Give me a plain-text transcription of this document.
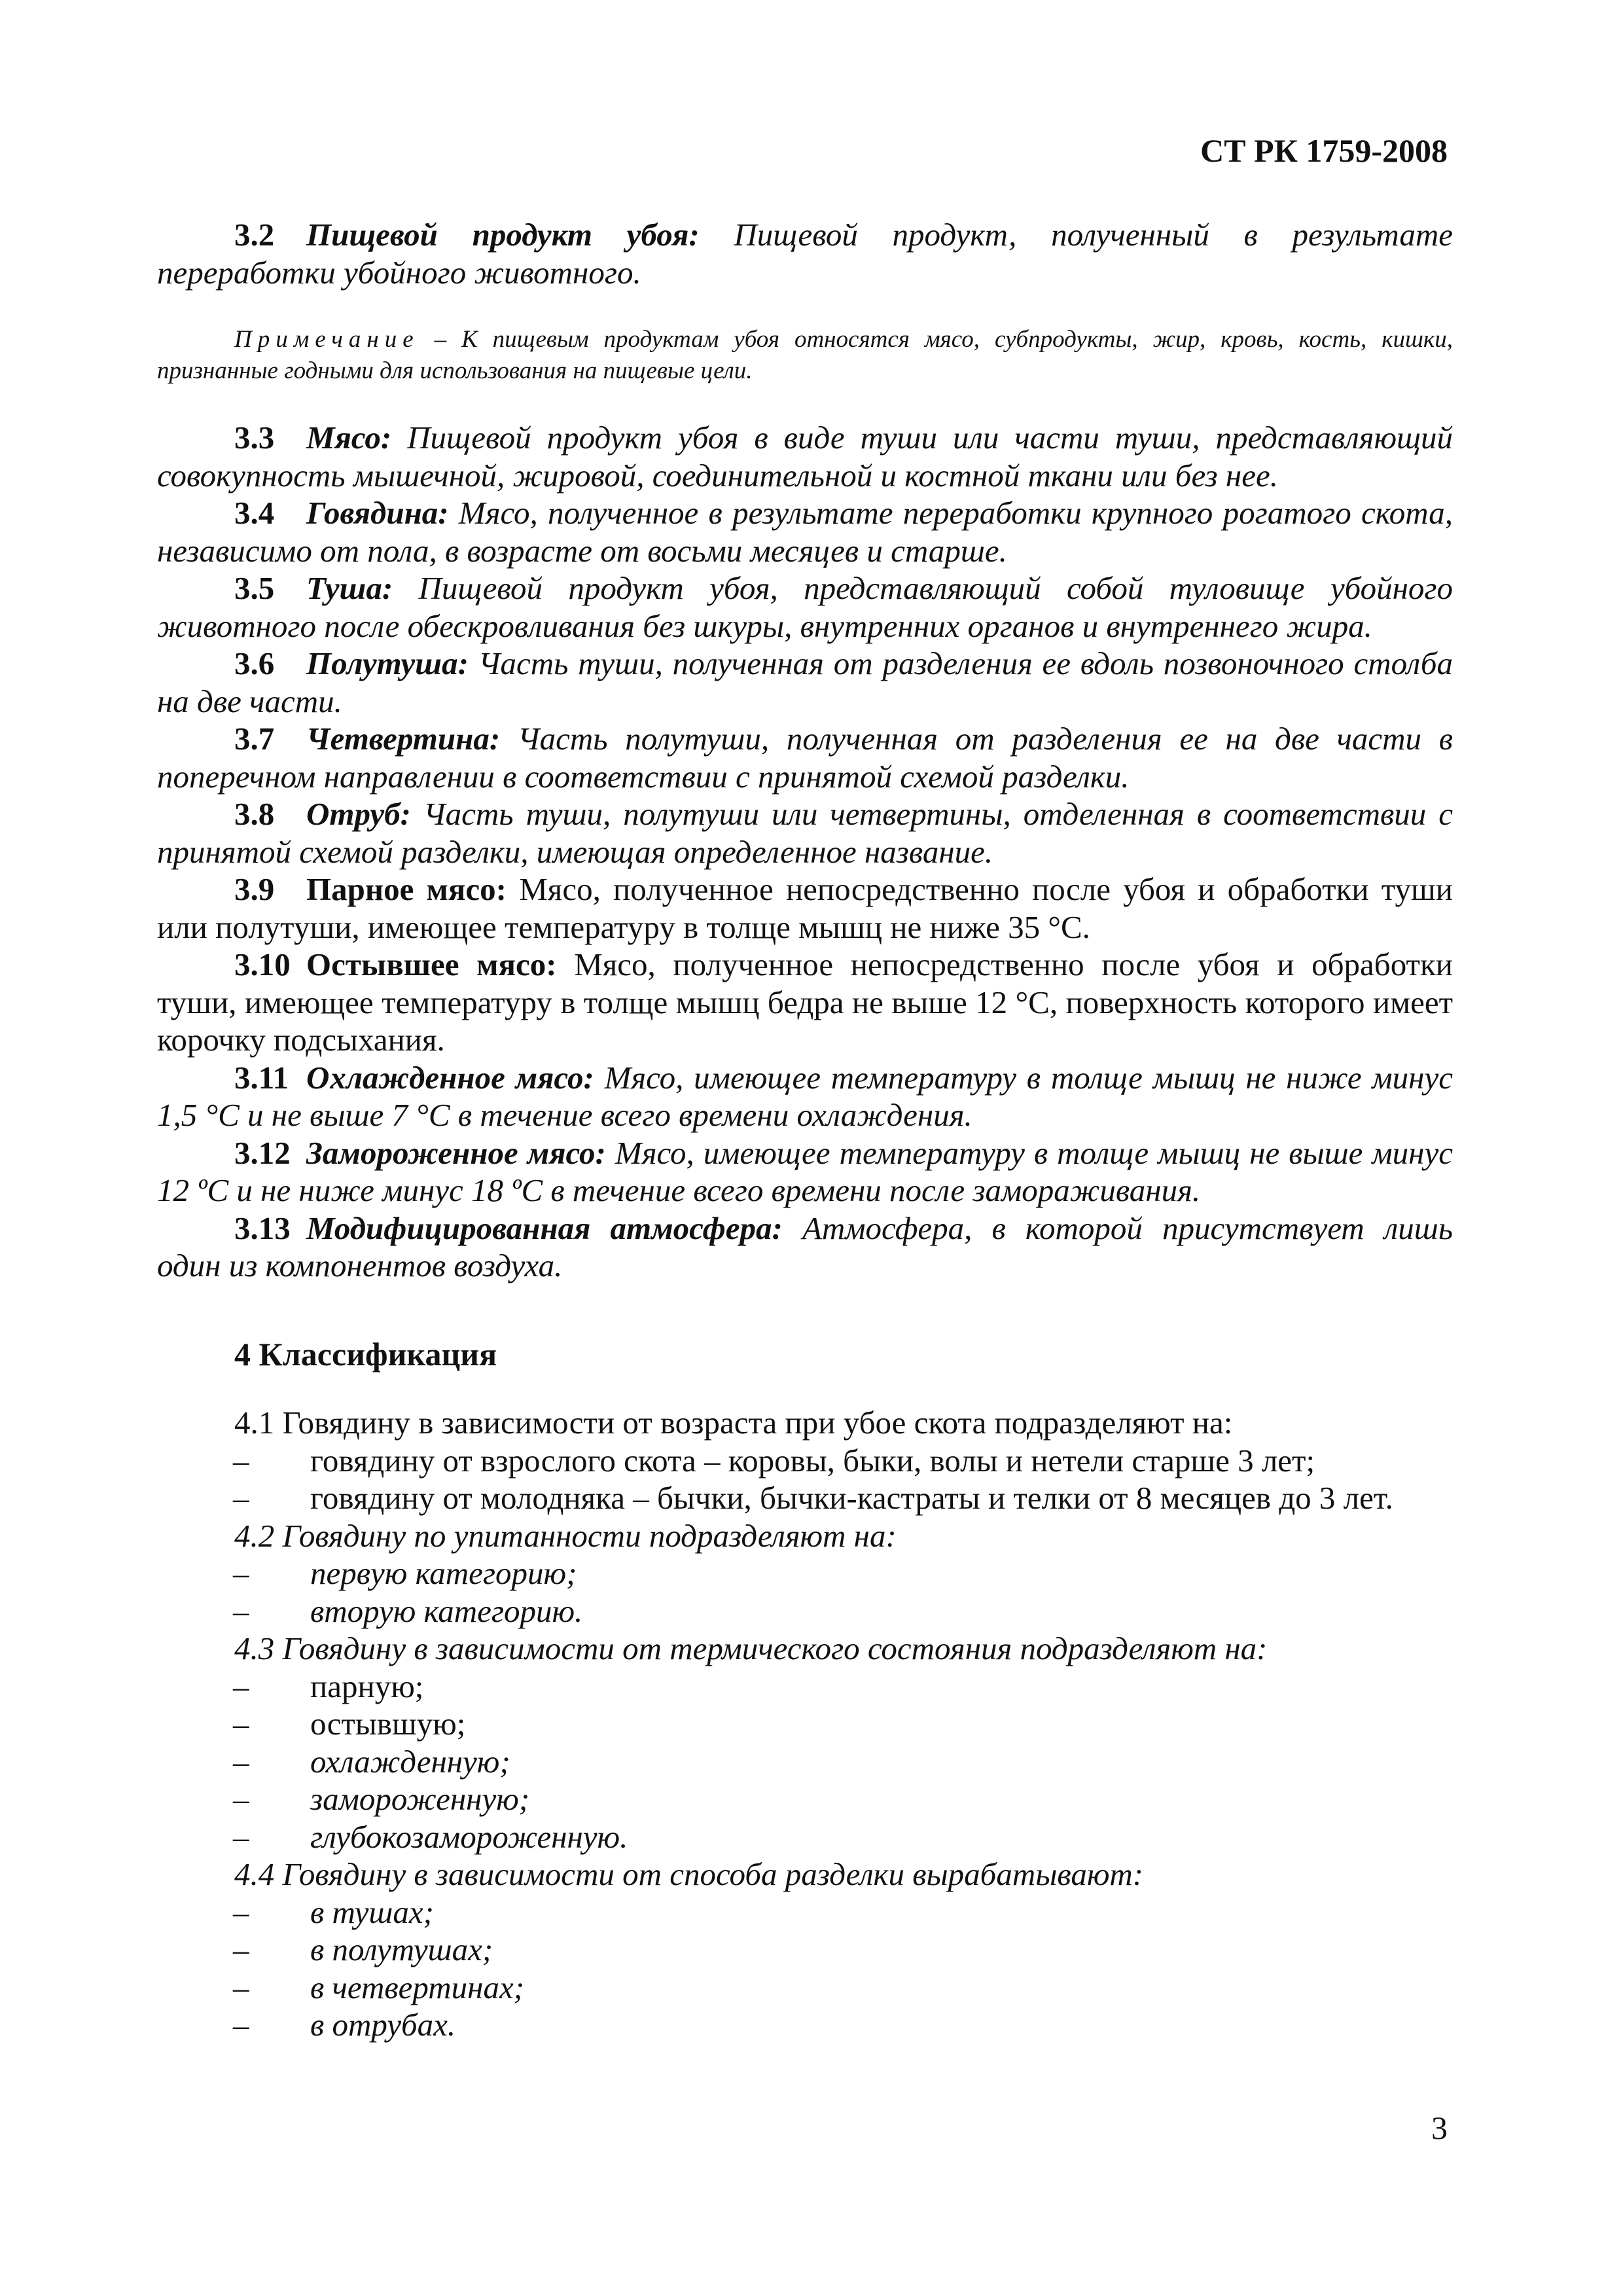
СТ РК 1759-2008

3.2 Пищевой продукт убоя: Пищевой продукт, полученный в результате переработки убойного животного.

Примечание – К пищевым продуктам убоя относятся мясо, субпродукты, жир, кровь, кость, кишки, признанные годными для использования на пищевые цели.

3.3 Мясо: Пищевой продукт убоя в виде туши или части туши, представляющий совокупность мышечной, жировой, соединительной и костной ткани или без нее.

3.4 Говядина: Мясо, полученное в результате переработки крупного рогатого скота, независимо от пола, в возрасте от восьми месяцев и старше.

3.5 Туша: Пищевой продукт убоя, представляющий собой туловище убойного животного после обескровливания без шкуры, внутренних органов и внутреннего жира.

3.6 Полутуша: Часть туши, полученная от разделения ее вдоль позвоночного столба на две части.

3.7 Четвертина: Часть полутуши, полученная от разделения ее на две части в поперечном направлении в соответствии с принятой схемой разделки.

3.8 Отруб: Часть туши, полутуши или четвертины, отделенная в соответствии с принятой схемой разделки, имеющая определенное название.

3.9 Парное мясо: Мясо, полученное непосредственно после убоя и обработки туши или полутуши, имеющее температуру в толще мышц не ниже 35 °С.

3.10 Остывшее мясо: Мясо, полученное непосредственно после убоя и обработки туши, имеющее температуру в толще мышц бедра не выше 12 °С, поверхность которого имеет корочку подсыхания.

3.11 Охлажденное мясо: Мясо, имеющее температуру в толще мышц не ниже минус 1,5 °С и не выше 7 °С в течение всего времени охлаждения.

3.12 Замороженное мясо: Мясо, имеющее температуру в толще мышц не выше минус 12 ºС и не ниже минус 18 ºС в течение всего времени после замораживания.

3.13 Модифицированная атмосфера: Атмосфера, в которой присутствует лишь один из компонентов воздуха.

4 Классификация
4.1 Говядину в зависимости от возраста при убое скота подразделяют на:
– говядину от взрослого скота – коровы, быки, волы и нетели старше 3 лет;
– говядину от молодняка – бычки, бычки-кастраты и телки от 8 месяцев до 3 лет.
4.2 Говядину по упитанности подразделяют на:
– первую категорию;
– вторую категорию.
4.3 Говядину в зависимости от термического состояния подразделяют на:
– парную;
– остывшую;
– охлажденную;
– замороженную;
– глубокозамороженную.
4.4 Говядину в зависимости от способа разделки вырабатывают:
– в тушах;
– в полутушах;
– в четвертинах;
– в отрубах.
3
